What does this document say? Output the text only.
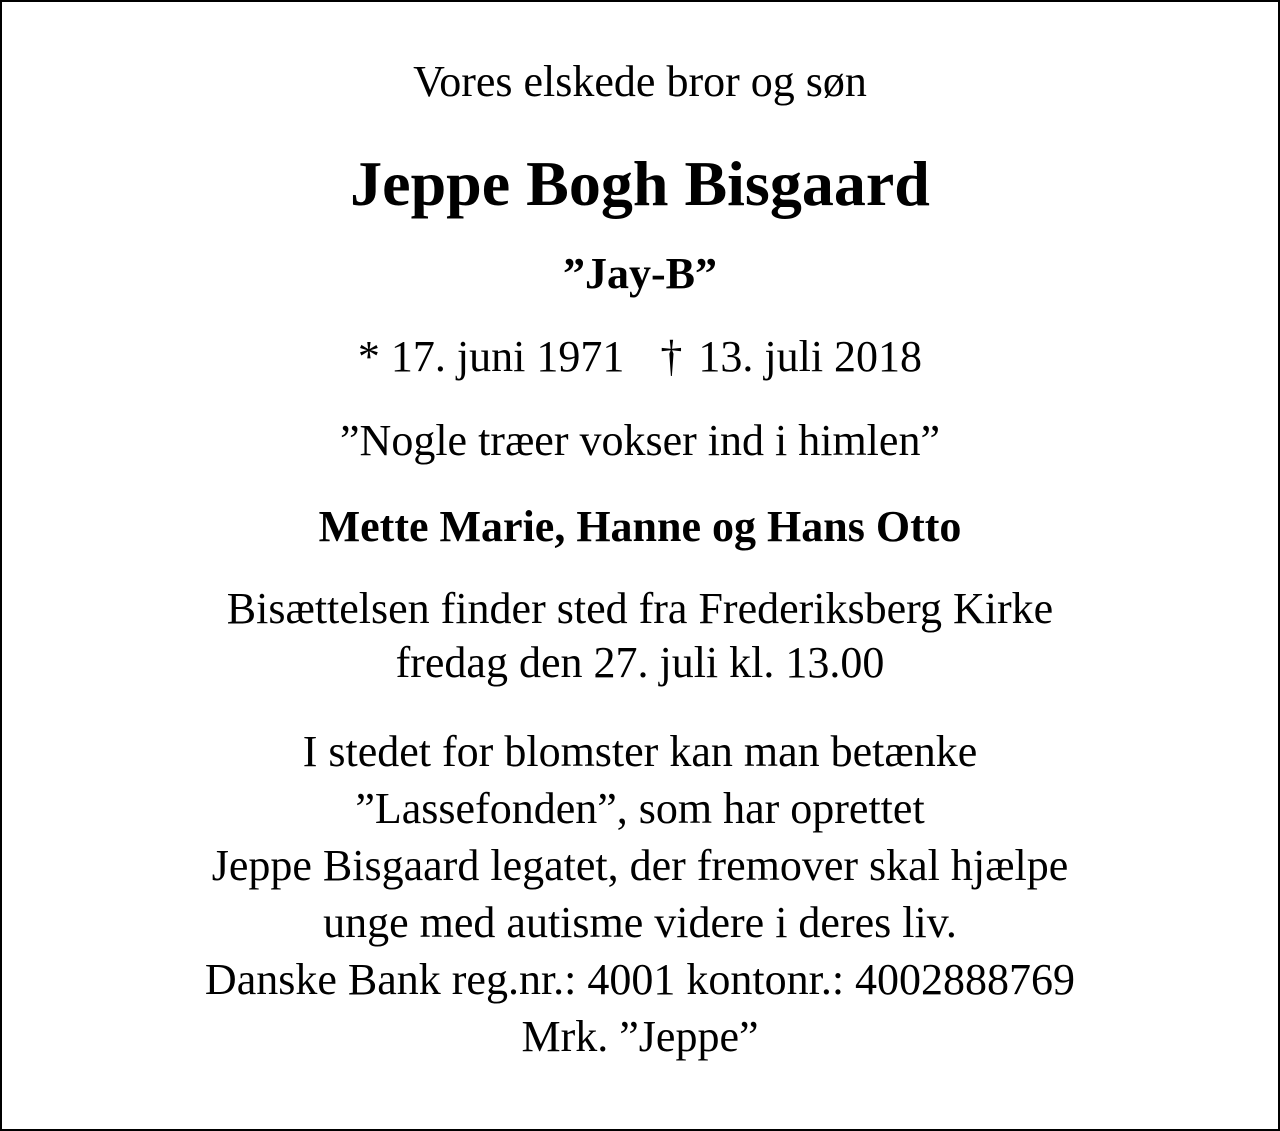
Vores elskede bror og søn
Jeppe Bogh Bisgaard
”Jay-B”
* 17. juni 1971 † 13. juli 2018
”Nogle træer vokser ind i himlen”
Mette Marie, Hanne og Hans Otto
Bisættelsen finder sted fra Frederiksberg Kirke
fredag den 27. juli kl. 13.00
I stedet for blomster kan man betænke
”Lassefonden”, som har oprettet
Jeppe Bisgaard legatet, der fremover skal hjælpe
unge med autisme videre i deres liv.
Danske Bank reg.nr.: 4001 kontonr.: 4002888769
Mrk. ”Jeppe”
